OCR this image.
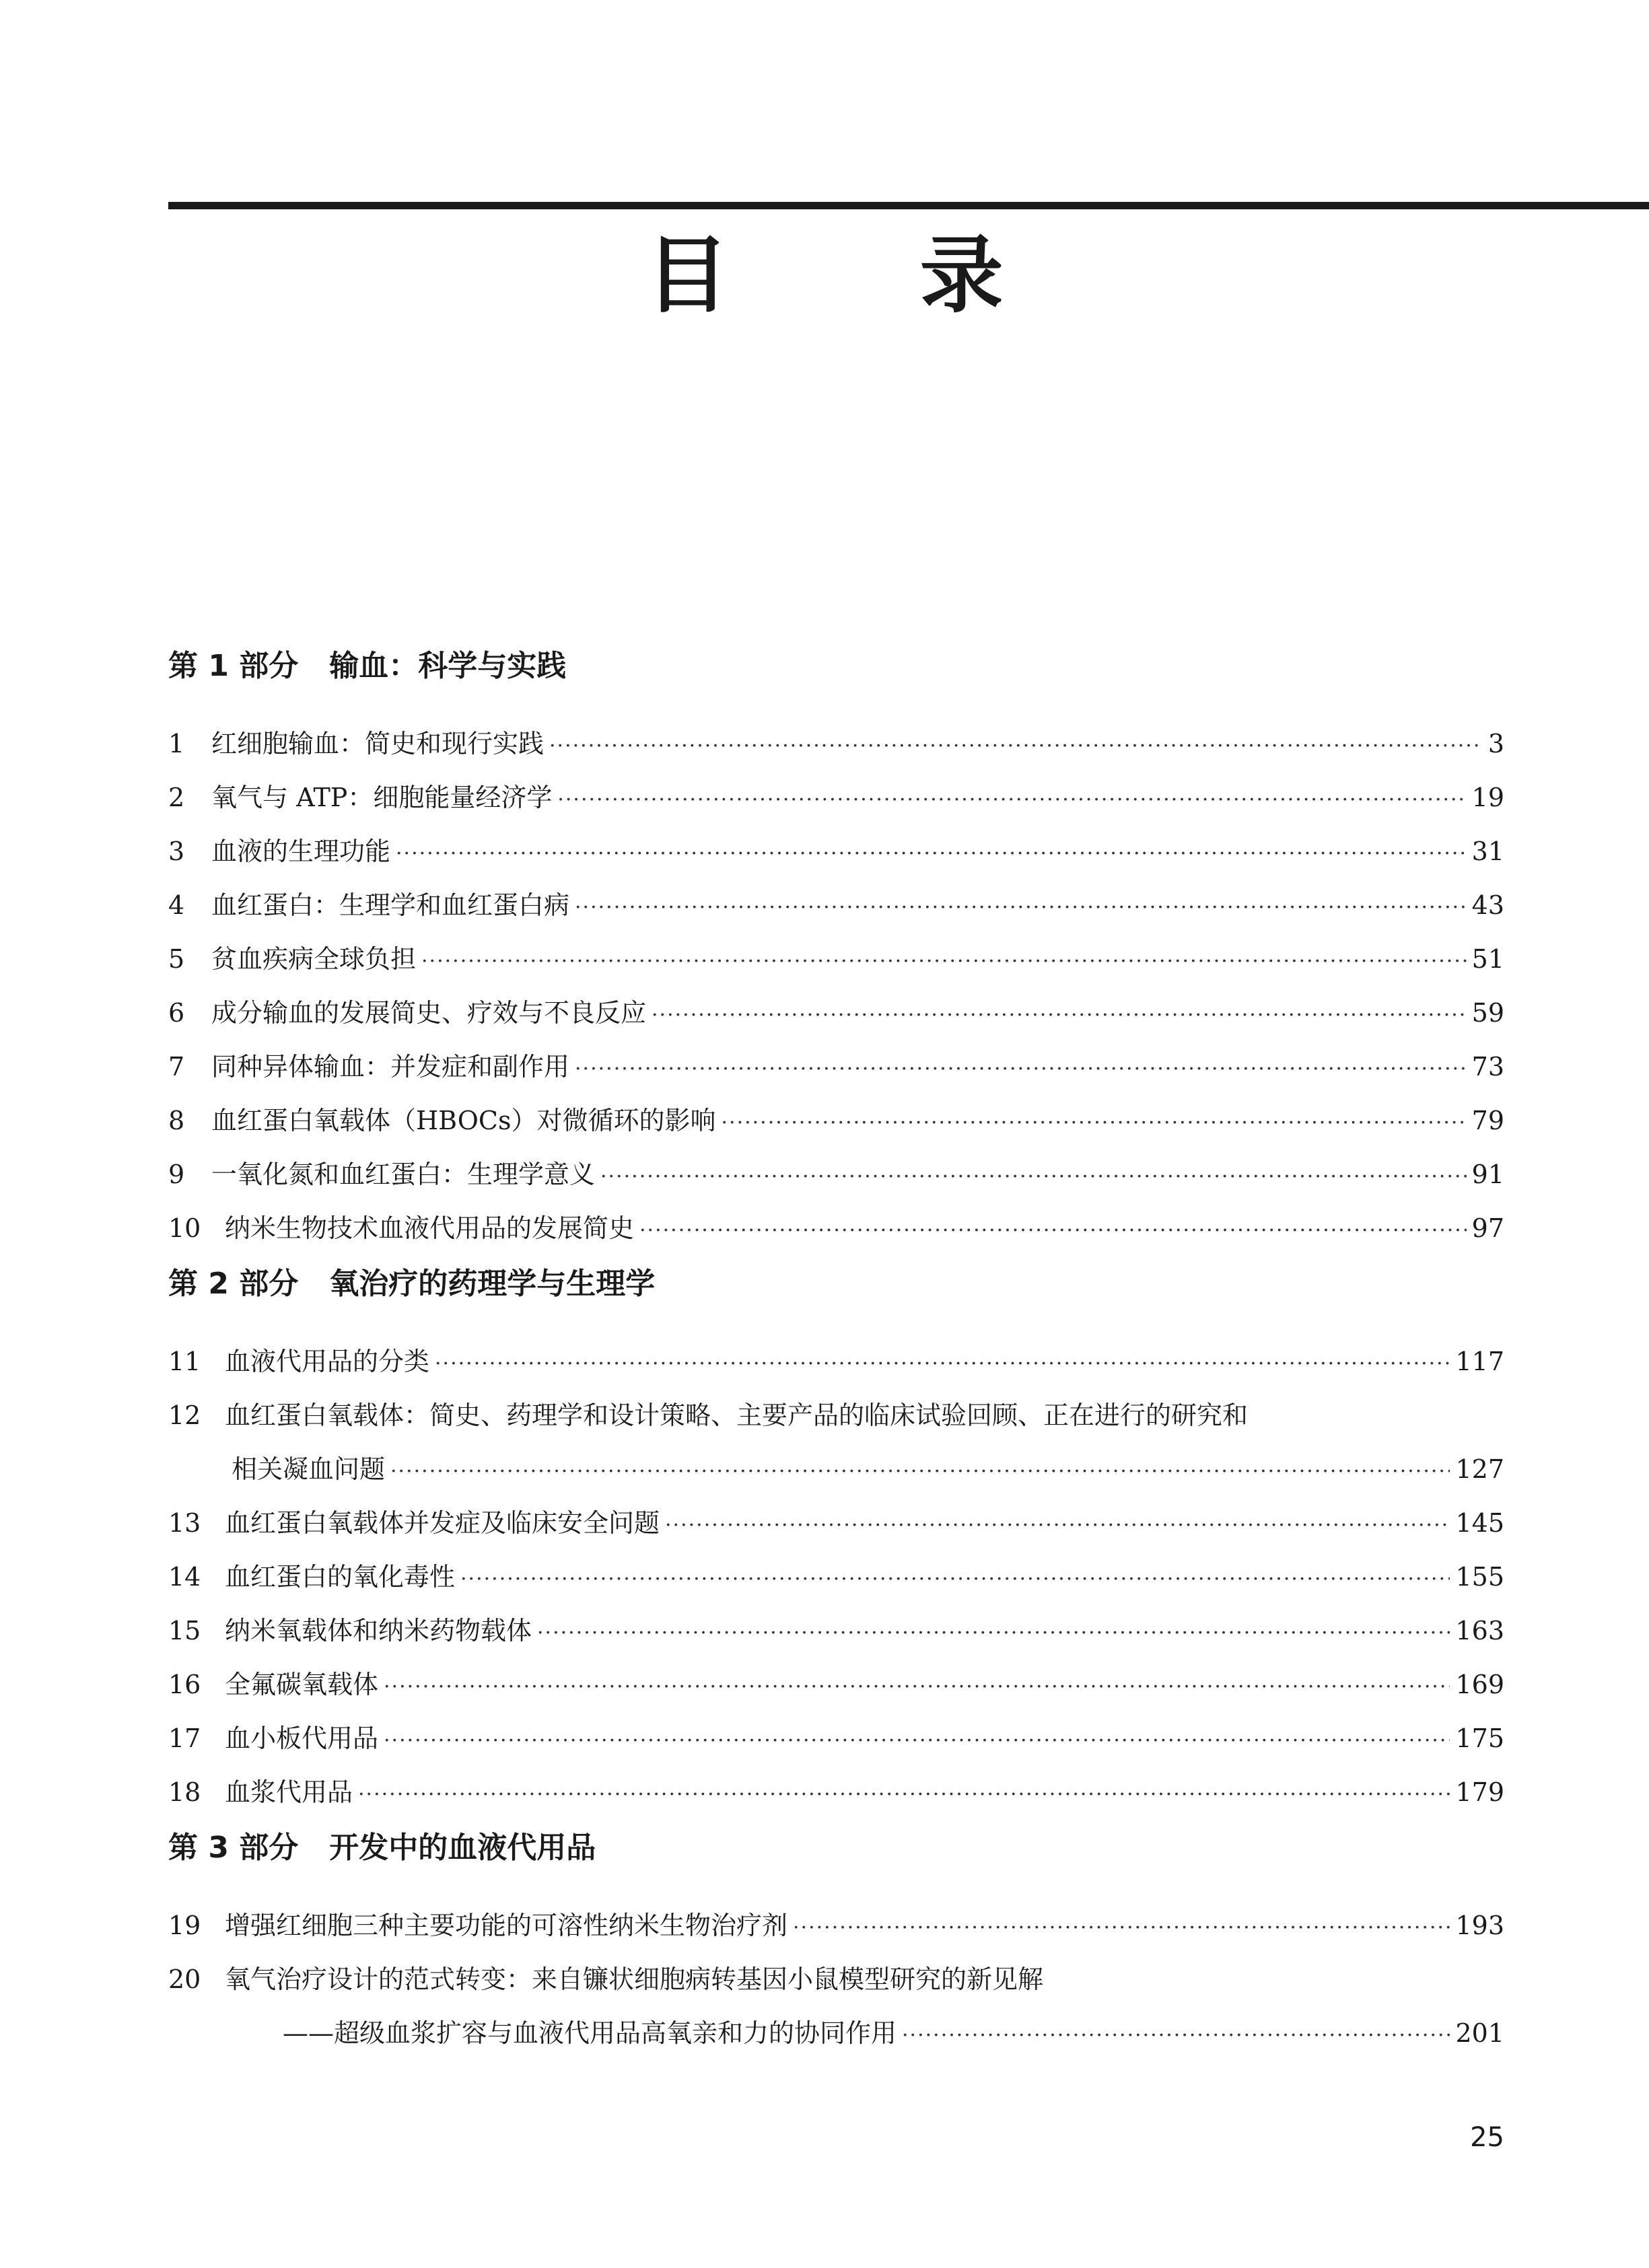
目 录
第 1 部分 输血：科学与实践
1	红细胞输血：简史和现行实践 ·····	3
2	氧气与 ATP：细胞能量经济学 ·····	19
3	血液的生理功能 ·····	31
4	血红蛋白：生理学和血红蛋白病 ·····	43
5	贫血疾病全球负担 ·····	51
6	成分输血的发展简史、疗效与不良反应 ·····	59
7	同种异体输血：并发症和副作用 ·····	73
8	血红蛋白氧载体（HBOCs）对微循环的影响 ·····	79
9	一氧化氮和血红蛋白：生理学意义 ·····	91
10 纳米生物技术血液代用品的发展简史 ·····	97
第 2 部分 氧治疗的药理学与生理学
11 血液代用品的分类 ·····	117
12 血红蛋白氧载体：简史、药理学和设计策略、主要产品的临床试验回顾、正在进行的研究和
相关凝血问题 ·····	127
13 血红蛋白氧载体并发症及临床安全问题 ·····	145
14 血红蛋白的氧化毒性 ·····	155
15 纳米氧载体和纳米药物载体 ·····	163
16 全氟碳氧载体 ·····	169
17 血小板代用品 ·····	175
18 血浆代用品 ·····	179
第 3 部分 开发中的血液代用品
19 增强红细胞三种主要功能的可溶性纳米生物治疗剂 ·····	193
20 氧气治疗设计的范式转变：来自镰状细胞病转基因小鼠模型研究的新见解
——超级血浆扩容与血液代用品高氧亲和力的协同作用 ·····	201
25
